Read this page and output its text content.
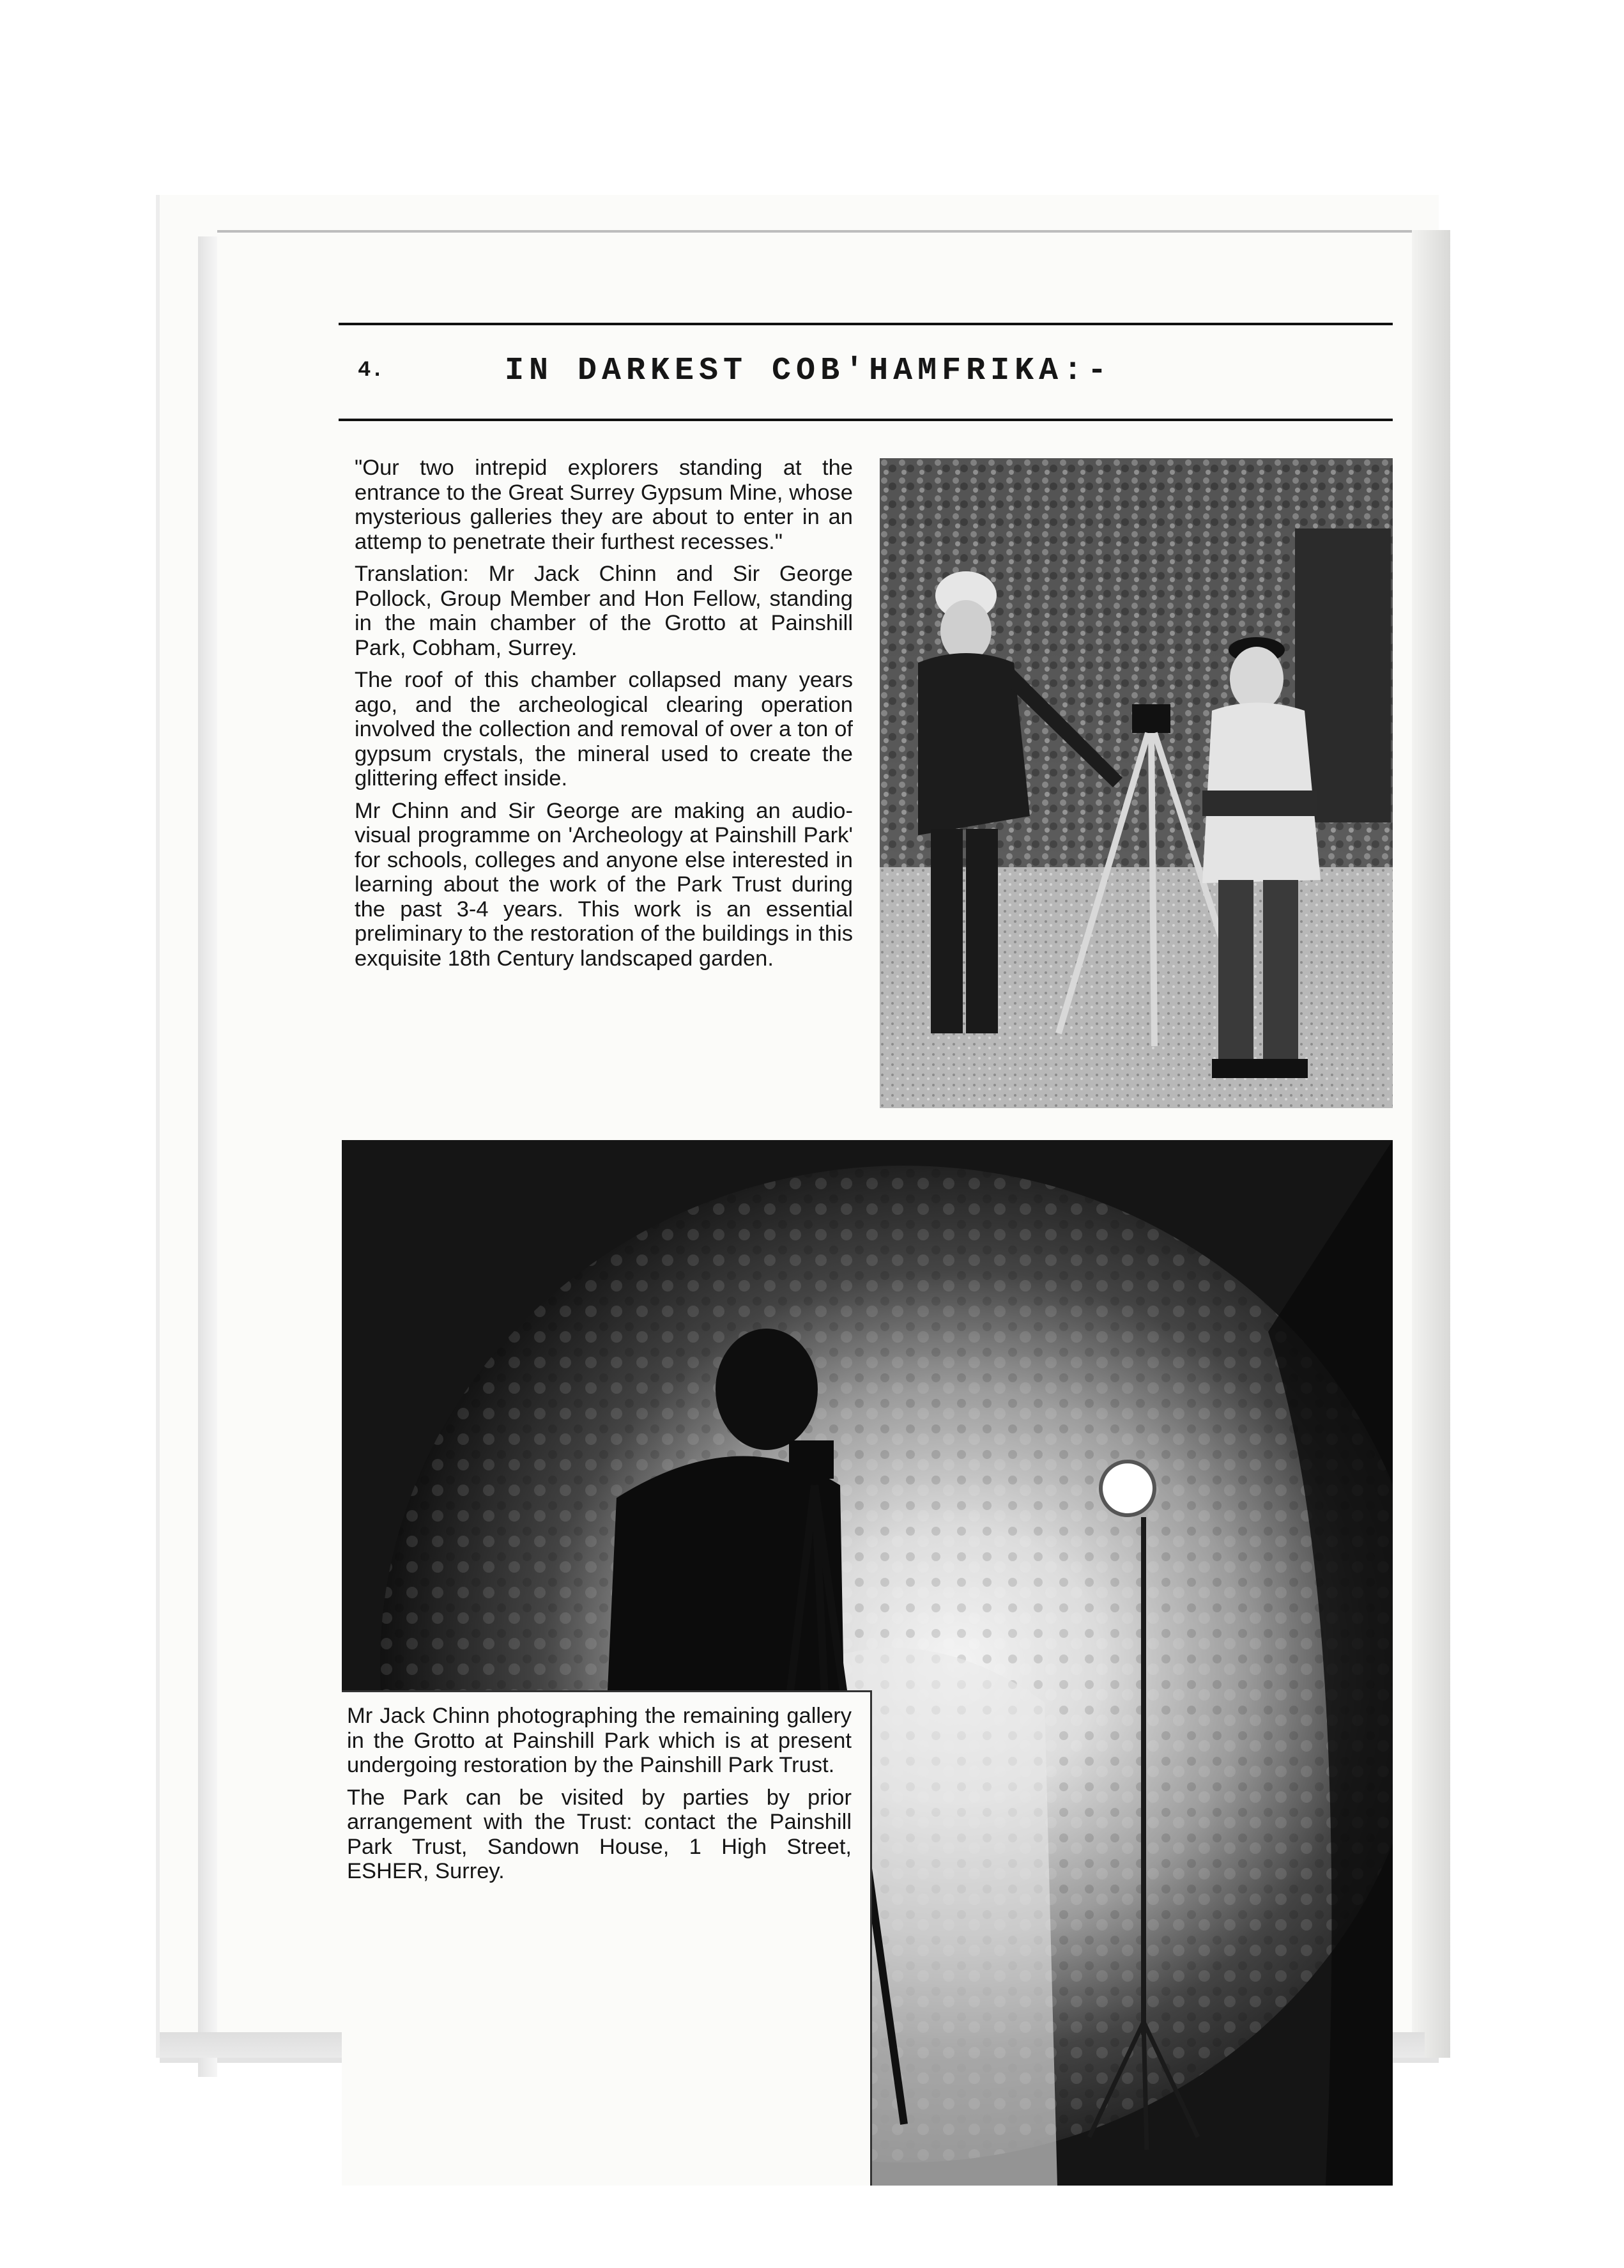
4.	IN DARKEST COB'HAMFRIKA:-

"Our two intrepid explorers standing at the entrance to the Great Surrey Gypsum Mine, whose mysterious galleries they are about to enter in an attemp to penetrate their furthest recesses."

Translation: Mr Jack Chinn and Sir George Pollock, Group Member and Hon Fellow, standing in the main chamber of the Grotto at Painshill Park, Cobham, Surrey.

The roof of this chamber collapsed many years ago, and the archeological clearing operation involved the collection and removal of over a ton of gypsum crystals, the mineral used to create the glittering effect inside.

Mr Chinn and Sir George are making an audio-visual programme on 'Archeology at Painshill Park' for schools, colleges and anyone else interested in learning about the work of the Park Trust during the past 3-4 years. This work is an essential preliminary to the restoration of the buildings in this exquisite 18th Century landscaped garden.

Mr Jack Chinn photographing the remaining gallery in the Grotto at Painshill Park which is at present undergoing restoration by the Painshill Park Trust.

The Park can be visited by parties by prior arrangement with the Trust: contact the Painshill Park Trust, Sandown House, 1 High Street, ESHER, Surrey.
